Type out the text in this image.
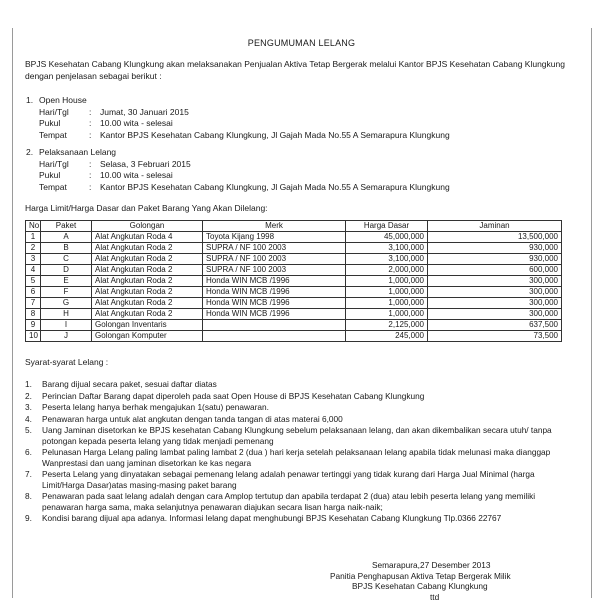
PENGUMUMAN LELANG
BPJS Kesehatan Cabang Klungkung akan melaksanakan Penjualan Aktiva Tetap Bergerak melalui Kantor BPJS Kesehatan Cabang Klungkung dengan penjelasan sebagai berikut :
1. Open House
Hari/Tgl : Jumat, 30 Januari 2015
Pukul	: 10.00 wita - selesai
Tempat	: Kantor BPJS Kesehatan Cabang Klungkung, Jl Gajah Mada No.55 A Semarapura Klungkung
2. Pelaksanaan Lelang
Hari/Tgl : Selasa, 3 Februari 2015
Pukul	: 10.00 wita - selesai
Tempat	: Kantor BPJS Kesehatan Cabang Klungkung, Jl Gajah Mada No.55 A Semarapura Klungkung
Harga Limit/Harga Dasar dan Paket Barang Yang Akan Dilelang:
No	Paket	Golongan	Merk	Harga Dasar	Jaminan
1	A	Alat Angkutan Roda 4	Toyota Kijang 1998	45,000,000	13,500,000
2	B	Alat Angkutan Roda 2	SUPRA / NF 100 2003	3,100,000	930,000
3	C	Alat Angkutan Roda 2	SUPRA / NF 100 2003	3,100,000	930,000
4	D	Alat Angkutan Roda 2	SUPRA / NF 100 2003	2,000,000	600,000
5	E	Alat Angkutan Roda 2	Honda WIN MCB /1996	1,000,000	300,000
6	F	Alat Angkutan Roda 2	Honda WIN MCB /1996	1,000,000	300,000
7	G	Alat Angkutan Roda 2	Honda WIN MCB /1996	1,000,000	300,000
8	H	Alat Angkutan Roda 2	Honda WIN MCB /1996	1,000,000	300,000
9	I	Golongan Inventaris		2,125,000	637,500
10	J	Golongan Komputer		245,000	73,500
Syarat-syarat Lelang :
1. Barang dijual secara paket, sesuai daftar diatas
2. Perincian Daftar Barang dapat diperoleh pada saat Open House di BPJS Kesehatan Cabang Klungkung
3. Peserta lelang hanya berhak mengajukan 1(satu) penawaran.
4. Penawaran harga untuk alat angkutan dengan tanda tangan di atas materai 6,000
5. Uang Jaminan disetorkan ke BPJS kesehatan Cabang Klungkung sebelum pelaksanaan lelang, dan akan dikembalikan secara utuh/ tanpa potongan kepada peserta lelang yang tidak menjadi pemenang
6. Pelunasan Harga Lelang paling lambat paling lambat 2 (dua ) hari kerja setelah pelaksanaan lelang apabila tidak melunasi maka dianggap Wanprestasi dan uang jaminan disetorkan ke kas negara
7. Peserta Lelang yang dinyatakan sebagai pemenang lelang adalah penawar tertinggi yang tidak kurang dari Harga Jual Minimal (harga Limit/Harga Dasar)atas masing-masing paket barang
8. Penawaran pada saat lelang adalah dengan cara Amplop tertutup dan apabila terdapat 2 (dua) atau lebih peserta lelang yang memiliki penawaran harga sama, maka selanjutnya penawaran diajukan secara lisan harga naik-naik;
9. Kondisi barang dijual apa adanya. Informasi lelang dapat menghubungi BPJS Kesehatan Cabang Klungkung Tlp.0366 22767
Semarapura,27 Desember 2013
Panitia Penghapusan Aktiva Tetap Bergerak Milik
BPJS Kesehatan Cabang Klungkung
ttd
